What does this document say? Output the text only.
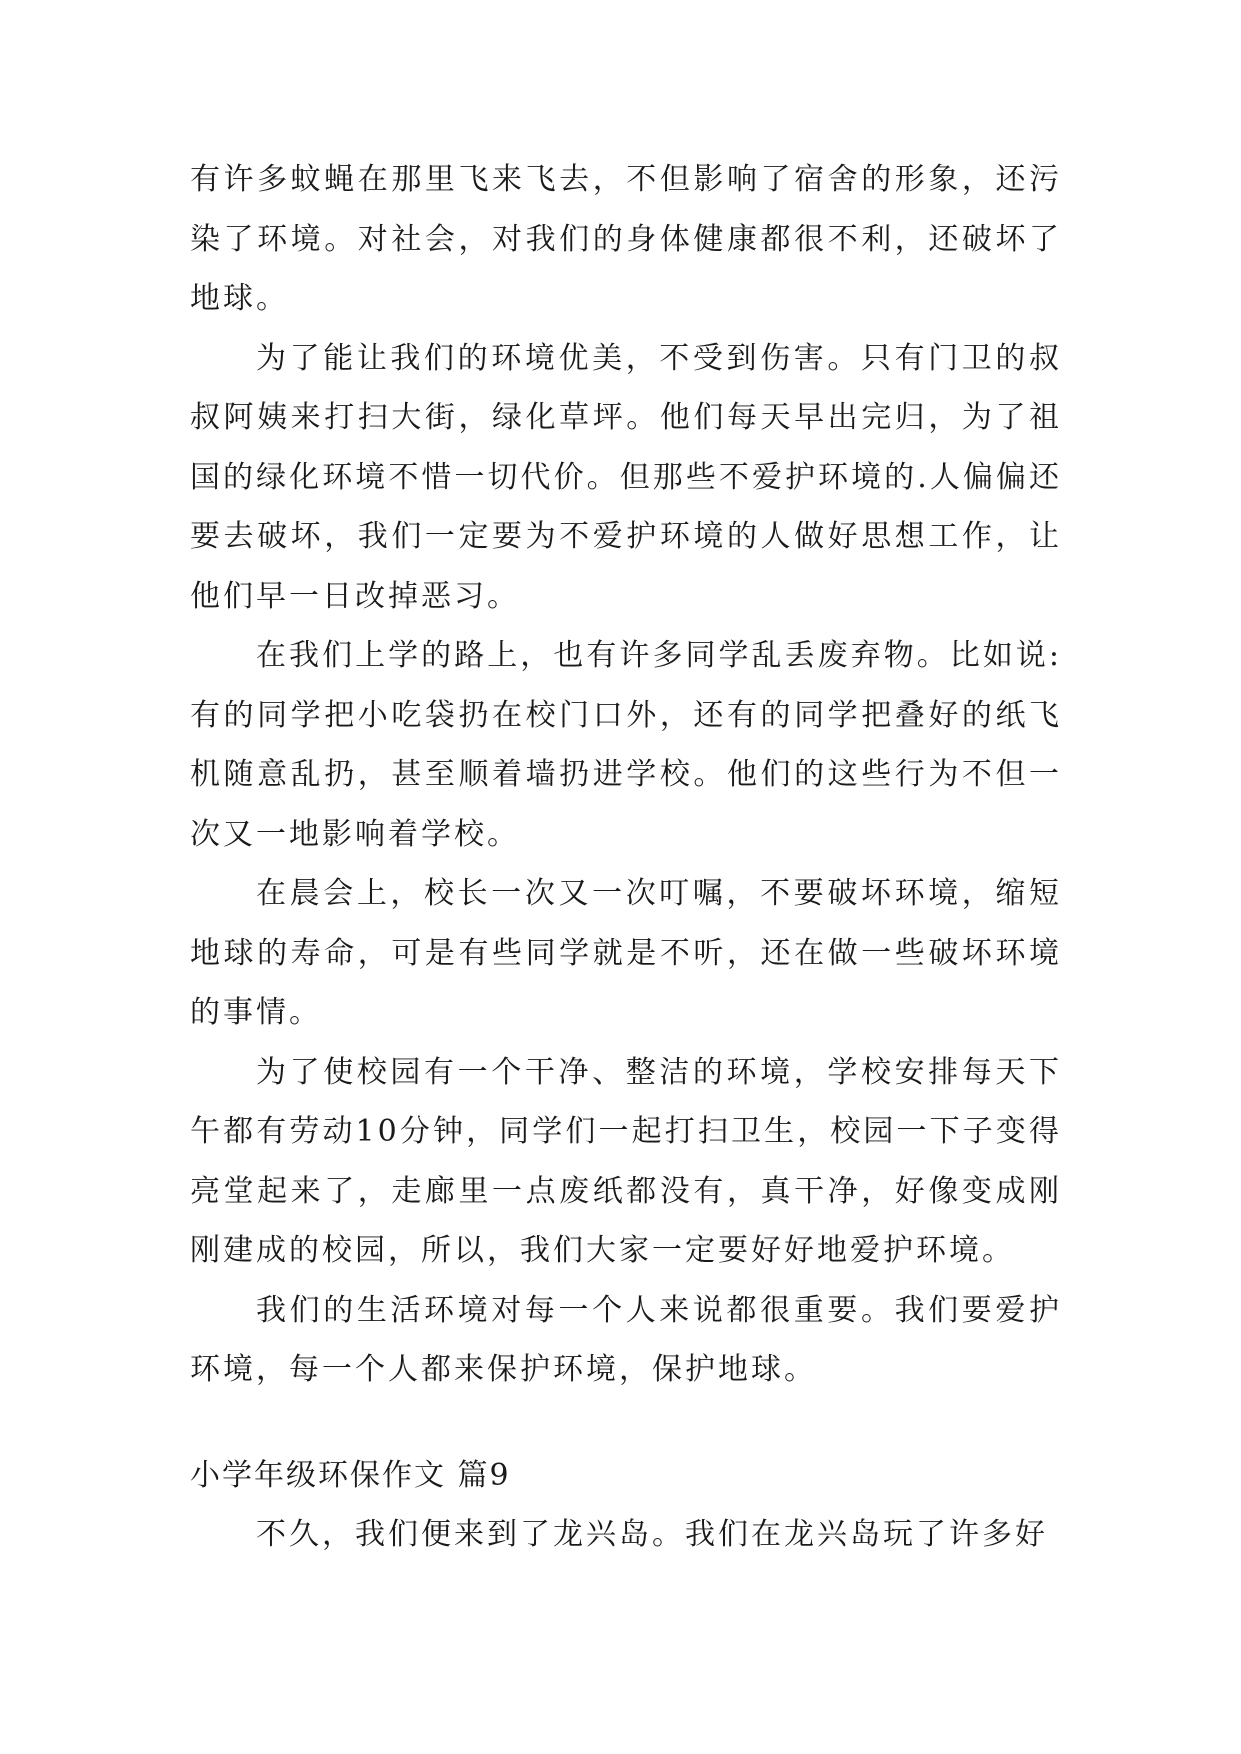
有许多蚊蝇在那里飞来飞去，不但影响了宿舍的形象，还污染了环境。对社会，对我们的身体健康都很不利，还破坏了地球。

为了能让我们的环境优美，不受到伤害。只有门卫的叔叔阿姨来打扫大街，绿化草坪。他们每天早出完归，为了祖国的绿化环境不惜一切代价。但那些不爱护环境的.人偏偏还要去破坏，我们一定要为不爱护环境的人做好思想工作，让他们早一日改掉恶习。

在我们上学的路上，也有许多同学乱丢废弃物。比如说:有的同学把小吃袋扔在校门口外，还有的同学把叠好的纸飞机随意乱扔，甚至顺着墙扔进学校。他们的这些行为不但一次又一地影响着学校。

在晨会上，校长一次又一次叮嘱，不要破坏环境，缩短地球的寿命，可是有些同学就是不听，还在做一些破坏环境的事情。

为了使校园有一个干净、整洁的环境，学校安排每天下午都有劳动10分钟，同学们一起打扫卫生，校园一下子变得亮堂起来了，走廊里一点废纸都没有，真干净，好像变成刚刚建成的校园，所以，我们大家一定要好好地爱护环境。

我们的生活环境对每一个人来说都很重要。我们要爱护环境，每一个人都来保护环境，保护地球。

小学年级环保作文 篇9

不久，我们便来到了龙兴岛。我们在龙兴岛玩了许多好
